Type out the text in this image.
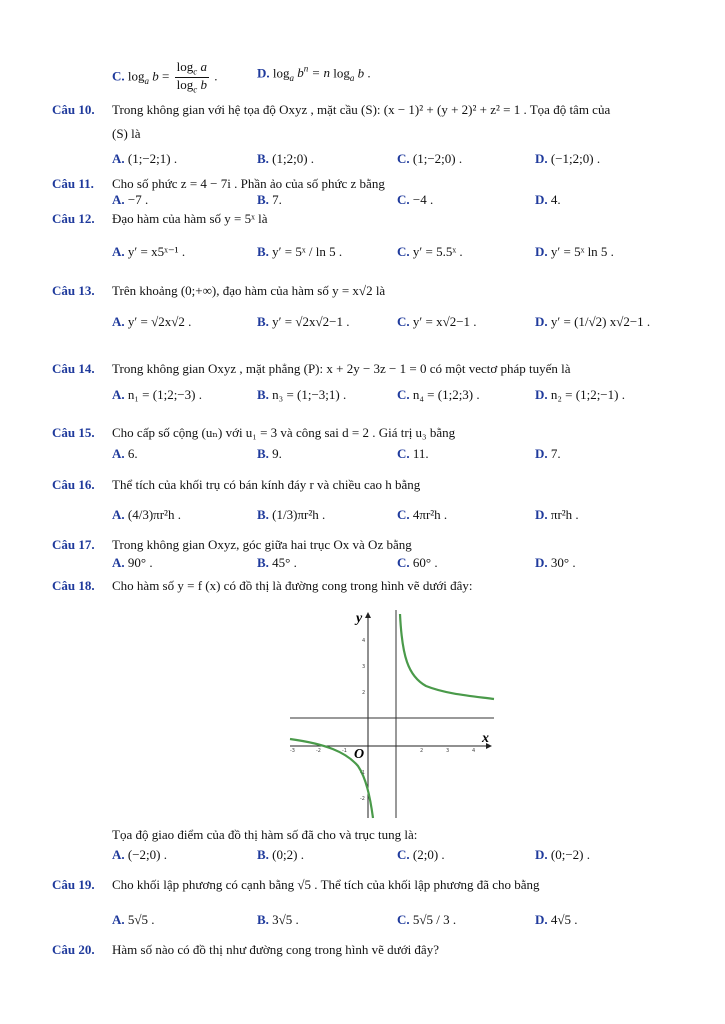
C. $\log_a b = \frac{\log_c a}{\log_c b}$ .	D. $\log_a b^n = n$ $\log_a b$ .
Câu 10. Trong không gian với hệ tọa độ Oxyz , mặt cầu (S): (x − 1)² + (y + 2)² + z² = 1 . Tọa độ tâm của
(S) là
A. (1;−2;1) .	B. (1;2;0) .	C. (1;−2;0) .	D. (−1;2;0) .
Câu 11. Cho số phức z = 4 − 7i . Phần ảo của số phức z bằng
A. −7 .	B. 7.	C. −4 .	D. 4.
Câu 12. Đạo hàm của hàm số y = 5ˣ là
A. y′ = x5ˣ⁻¹ .	B. y′ = 5ˣ / ln 5 .	C. y′ = 5.5ˣ .	D. y′ = 5ˣ ln 5 .
Câu 13. Trên khoảng (0;+∞), đạo hàm của hàm số y = x√2 là
A. y′ = √2x√2 .	B. y′ = √2x√2−1 .	C. y′ = x√2−1 .	D. y′ = (1/√2) x√2−1 .
Câu 14. Trong không gian Oxyz , mặt phẳng (P): x + 2y − 3z − 1 = 0 có một vectơ pháp tuyến là
A. n₁ = (1;2;−3) .	B. n₃ = (1;−3;1) .	C. n₄ = (1;2;3) .	D. n₂ = (1;2;−1) .
Câu 15. Cho cấp số cộng (uₙ) với u₁ = 3 và công sai d = 2 . Giá trị u₃ bằng
A. 6.	B. 9.	C. 11.	D. 7.
Câu 16. Thể tích của khối trụ có bán kính đáy r và chiều cao h bằng
A. (4/3)πr²h .	B. (1/3)πr²h .	C. 4πr²h .	D. πr²h .
Câu 17. Trong không gian Oxyz, góc giữa hai trục Ox và Oz bằng
A. 90° .	B. 45° .	C. 60° .	D. 30° .
Câu 18. Cho hàm số y = f (x) có đồ thị là đường cong trong hình vẽ dưới đây:
y
x
O
-3	-2	-1	2	3	4
4
3
2
-1
-2
Tọa độ giao điểm của đồ thị hàm số đã cho và trục tung là:
A. (−2;0) .	B. (0;2) .	C. (2;0) .	D. (0;−2) .
Câu 19. Cho khối lập phương có cạnh bằng √5 . Thể tích của khối lập phương đã cho bằng
A. 5√5 .	B. 3√5 .	C. 5√5 / 3 .	D. 4√5 .
Câu 20. Hàm số nào có đồ thị như đường cong trong hình vẽ dưới đây?
